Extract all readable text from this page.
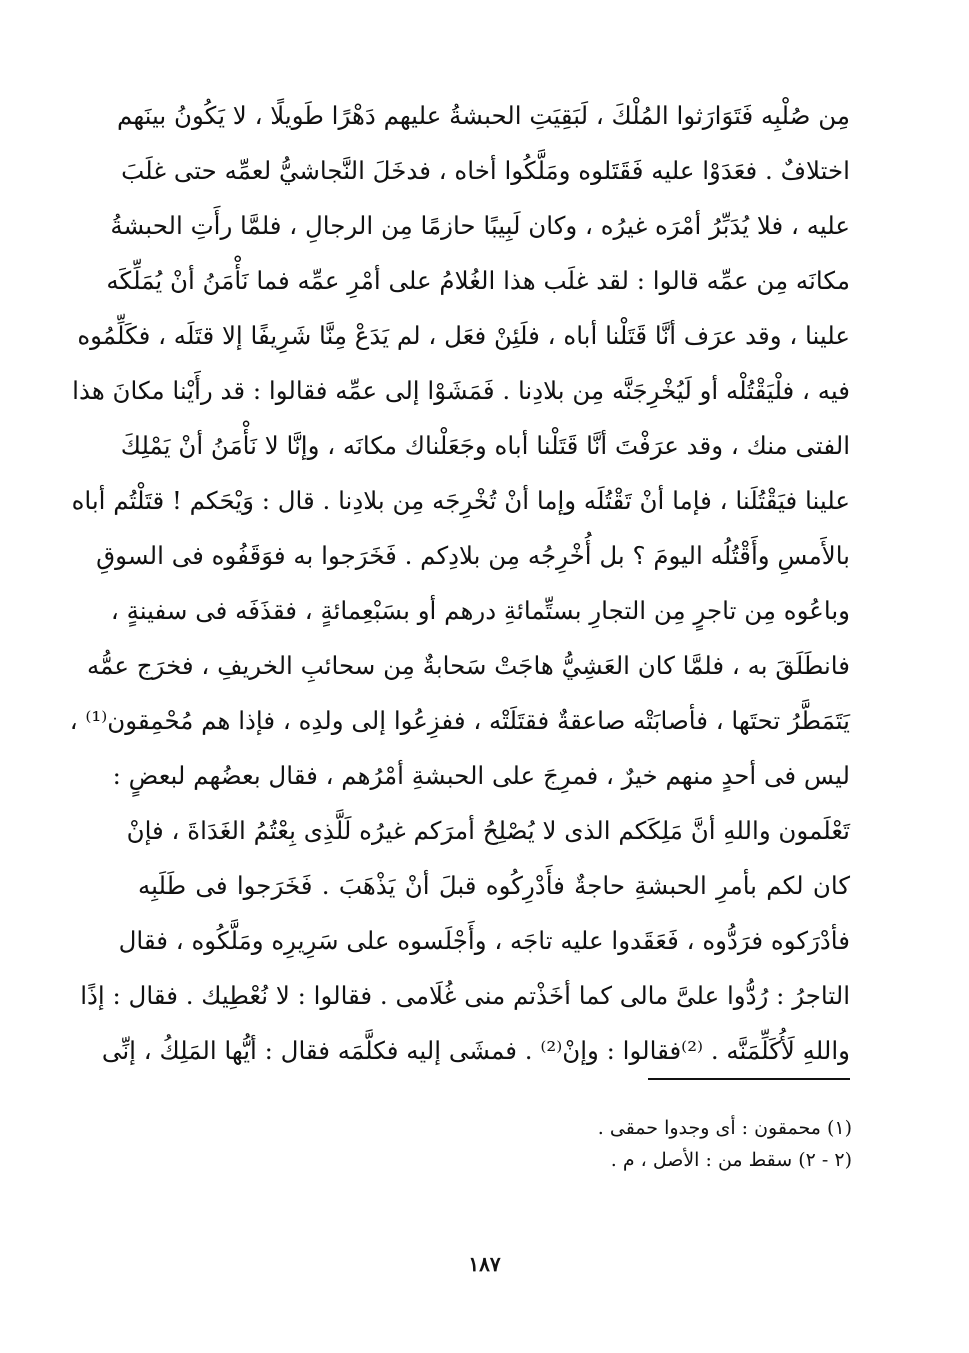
مِن صُلْبِه فَتَوَارَثوا المُلْكَ ، لَبَقِيَتِ الحبشةُ عليهم دَهْرًا طَويلًا ، لا يَكُونُ بينَهم
اختلافٌ . فعَدَوْا عليه فَقَتَلوه ومَلَّكُوا أخاه ، فدخَلَ النَّجاشيُّ لعمِّه حتى غلَبَ
عليه ، فلا يُدَبِّرُ أمْرَه غيرُه ، وكان لَبِيبًا حازمًا مِن الرجالِ ، فلمَّا رأَتِ الحبشةُ
مكانَه مِن عمِّه قالوا : لقد غلَب هذا الغُلامُ على أمْرِ عمِّه فما نَأْمَنُ أنْ يُمَلِّكَه
علينا ، وقد عرَف أنَّا قَتَلْنا أباه ، فلَئِنْ فعَل ، لم يَدَعْ مِنَّا شَرِيفًا إلا قتَلَه ، فكَلِّمُوه
فيه ، فلْيَقْتُلْه أو لَيُخْرِجَنَّه مِن بلادِنا . فَمَشَوْا إلى عمِّه فقالوا : قد رأَيْنا مكانَ هذا
الفتى منك ، وقد عرَفْتَ أنَّا قَتَلْنا أباه وجَعَلْناك مكانَه ، وإنَّا لا نَأْمَنُ أنْ يَمْلِكَ
علينا فيَقْتُلَنا ، فإما أنْ تَقْتُلَه وإما أنْ تُخْرِجَه مِن بلادِنا . قال : وَيْحَكم ! قتَلْتُم أباه
بالأَمسِ وأَقْتُلُه اليومَ ؟ بل أُخْرِجُه مِن بلادِكم . فَخَرَجوا به فوَقَفُوه فى السوقِ
وباعُوه مِن تاجرٍ مِن التجارِ بستِّمائةِ درهم أو بسَبْعِمائةٍ ، فقذَفَه فى سفينةٍ ،
فانطَلَقَ به ، فلمَّا كان العَشِيُّ هاجَتْ سَحابةٌ مِن سحائبِ الخريفِ ، فخرَج عمُّه
يَتَمَطَّرُ تحتَها ، فأصابَتْه صاعقةٌ فقتَلَتْه ، ففزِعُوا إلى ولدِه ، فإذا هم مُحْمِقون⁽¹⁾ ،
ليس فى أحدٍ منهم خيرٌ ، فمرِجَ على الحبشةِ أمْرُهم ، فقال بعضُهم لبعضٍ :
تَعْلَمون واللهِ أنَّ مَلِكَكم الذى لا يُصْلِحُ أمرَكم غيرُه لَلَّذِى بِعْتُمُ الغَدَاةَ ، فإنْ
كان لكم بأمرِ الحبشةِ حاجةٌ فأَدْرِكُوه قبلَ أنْ يَذْهَبَ . فَخَرَجوا فى طَلَبِه
فأدْرَكوه فرَدُّوه ، فَعَقَدوا عليه تاجَه ، وأَجْلَسوه على سَرِيرِه ومَلَّكُوه ، فقال
التاجرُ : رُدُّوا علىَّ مالى كما أخَذْتم منى غُلَامى . فقالوا : لا نُعْطِيك . فقال : إذًا
واللهِ لَأُكَلِّمَنَّه . ⁽²⁾فقالوا : وإنْ⁽²⁾ . فمشَى إليه فكلَّمَه فقال : أيُّها المَلِكُ ، إنِّى
(١) محمقون : أى وجدوا حمقى .
(٢ - ٢) سقط من : الأصل ، م .
١٨٧
